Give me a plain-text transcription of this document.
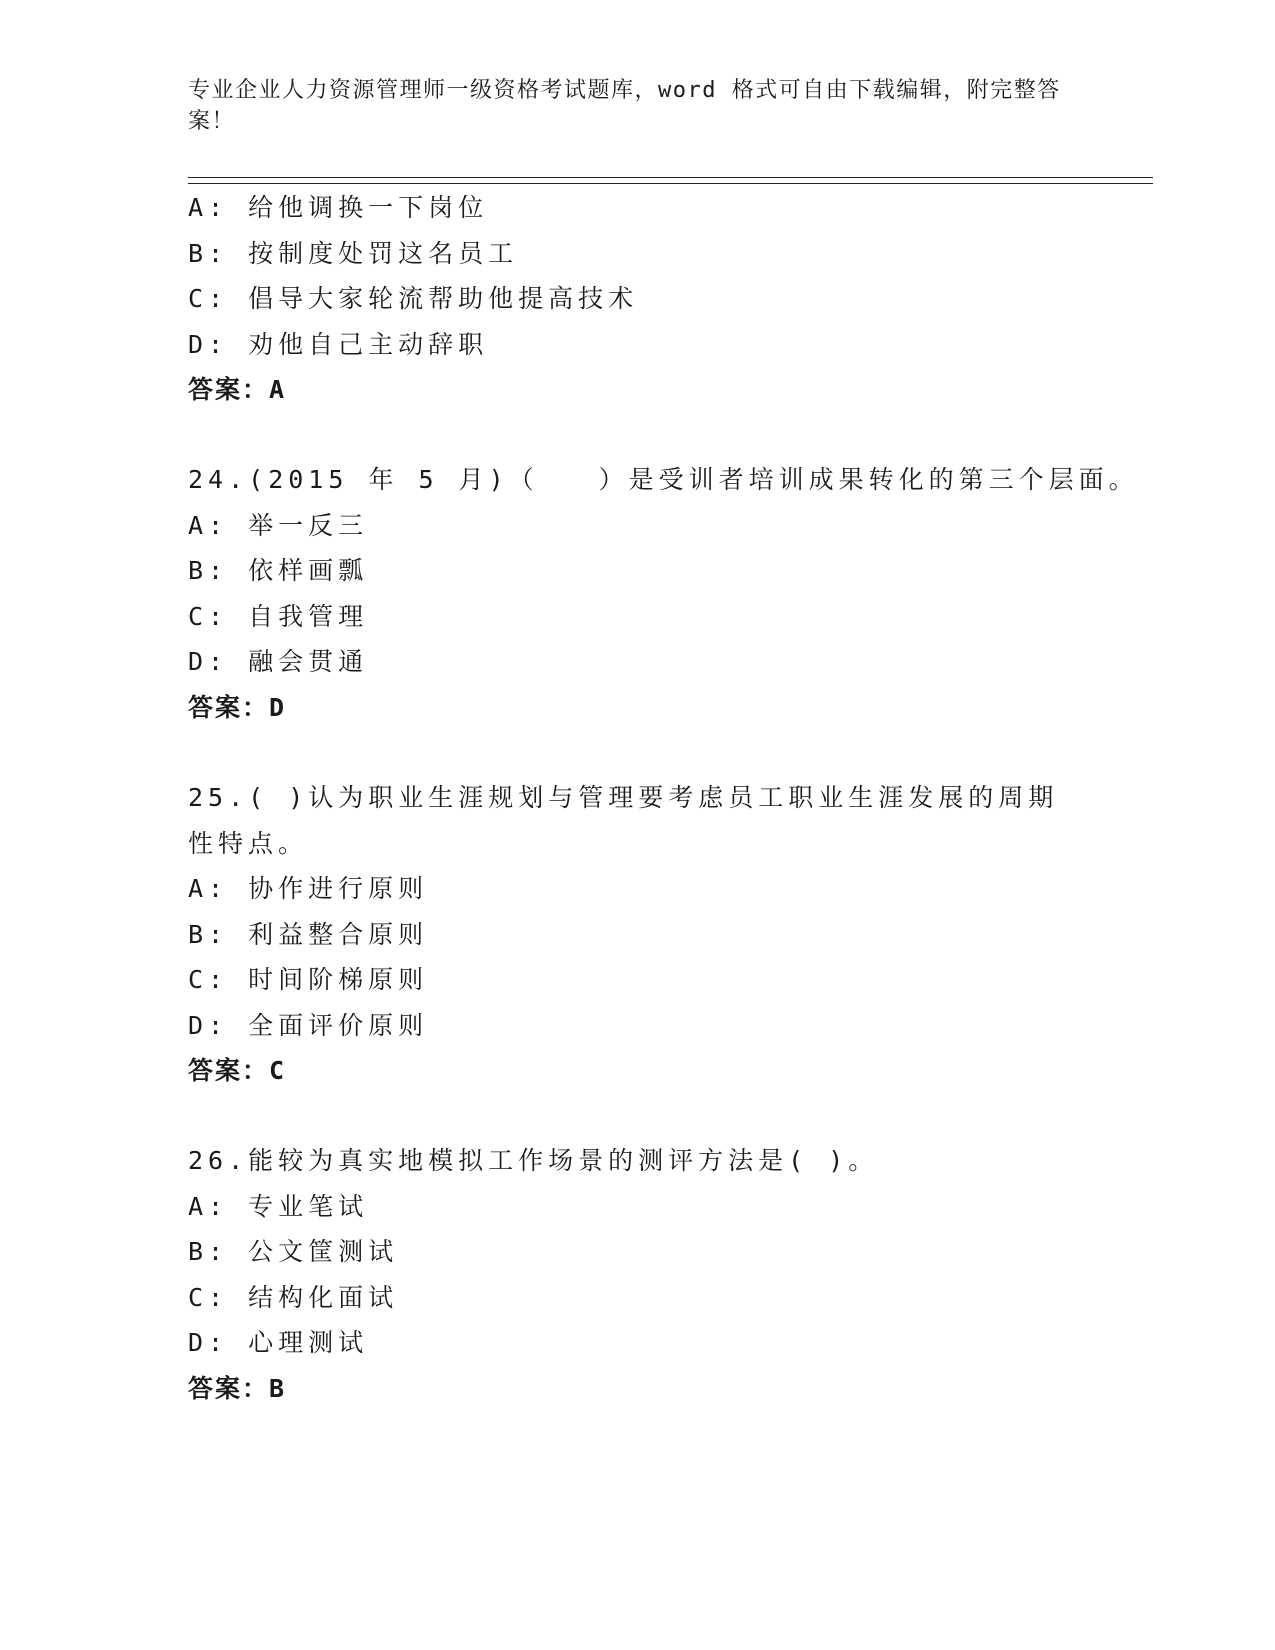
专业企业人力资源管理师一级资格考试题库，word 格式可自由下载编辑，附完整答案！
A: 给他调换一下岗位
B: 按制度处罚这名员工
C: 倡导大家轮流帮助他提高技术
D: 劝他自己主动辞职
答案：A
24.(2015 年 5 月)（　　）是受训者培训成果转化的第三个层面。
A: 举一反三
B: 依样画瓢
C: 自我管理
D: 融会贯通
答案：D
25.( )认为职业生涯规划与管理要考虑员工职业生涯发展的周期性特点。
A: 协作进行原则
B: 利益整合原则
C: 时间阶梯原则
D: 全面评价原则
答案：C
26.能较为真实地模拟工作场景的测评方法是( )。
A: 专业笔试
B: 公文筐测试
C: 结构化面试
D: 心理测试
答案：B
